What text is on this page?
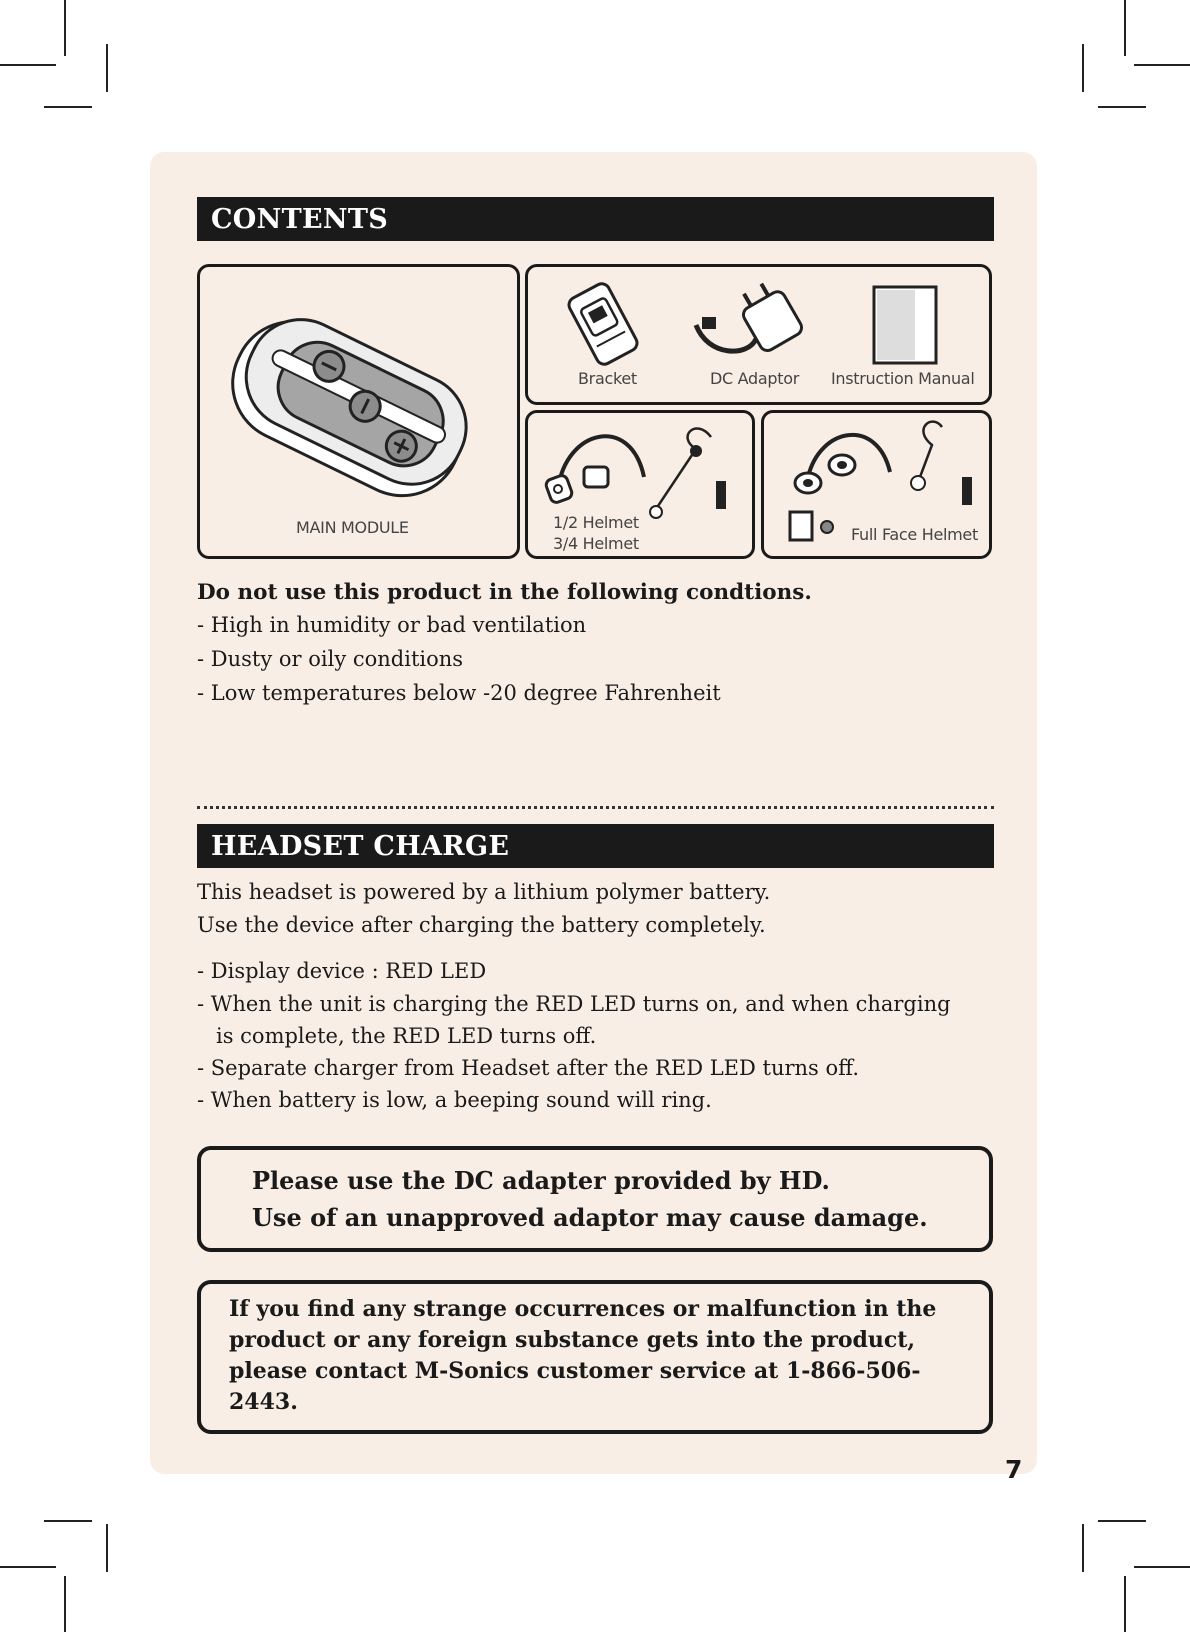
CONTENTS
MAIN MODULE
Bracket	DC Adaptor Instruction Manual
1/2 Helmet
3/4 Helmet	Full Face Helmet
Do not use this product in the following condtions.
- High in humidity or bad ventilation
- Dusty or oily conditions
- Low temperatures below -20 degree Fahrenheit
HEADSET CHARGE
This headset is powered by a lithium polymer battery.
Use the device after charging the battery completely.
- Display device : RED LED
- When the unit is charging the RED LED turns on, and when charging
is complete, the RED LED turns off.
- Separate charger from Headset after the RED LED turns off.
- When battery is low, a beeping sound will ring.
Please use the DC adapter provided by HD.
Use of an unapproved adaptor may cause damage.
If you find any strange occurrences or malfunction in the
product or any foreign substance gets into the product,
please contact M-Sonics customer service at 1-866-506-
2443.
7
